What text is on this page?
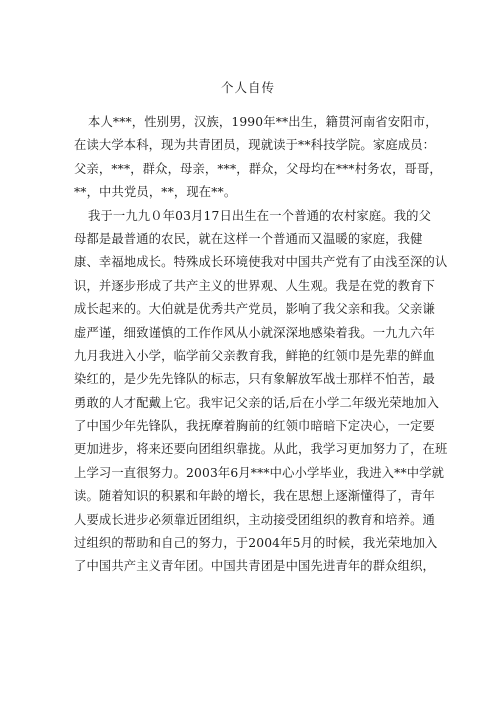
个人自传
本人***，性别男，汉族，1990年**出生，籍贯河南省安阳市，
在读大学本科，现为共青团员，现就读于**科技学院。家庭成员：
父亲，***，群众，母亲，***，群众，父母均在***村务农，哥哥，
**，中共党员，**，现在**。
我于一九九０年03月17日出生在一个普通的农村家庭。我的父
母都是最普通的农民，就在这样一个普通而又温暖的家庭，我健
康、幸福地成长。特殊成长环境使我对中国共产党有了由浅至深的认
识，并逐步形成了共产主义的世界观、人生观。我是在党的教育下
成长起来的。大伯就是优秀共产党员，影响了我父亲和我。父亲谦
虚严谨，细致谨慎的工作作风从小就深深地感染着我。一九九六年
九月我进入小学，临学前父亲教育我，鲜艳的红领巾是先辈的鲜血
染红的，是少先先锋队的标志，只有象解放军战士那样不怕苦，最
勇敢的人才配戴上它。我牢记父亲的话,后在小学二年级光荣地加入
了中国少年先锋队，我抚摩着胸前的红领巾暗暗下定决心，一定要
更加进步，将来还要向团组织靠拢。从此，我学习更加努力了，在班
上学习一直很努力。2003年6月***中心小学毕业，我进入**中学就
读。随着知识的积累和年龄的增长，我在思想上逐渐懂得了，青年
人要成长进步必须靠近团组织，主动接受团组织的教育和培养。通
过组织的帮助和自己的努力，于2004年5月的时候，我光荣地加入
了中国共产主义青年团。中国共青团是中国先进青年的群众组织，
